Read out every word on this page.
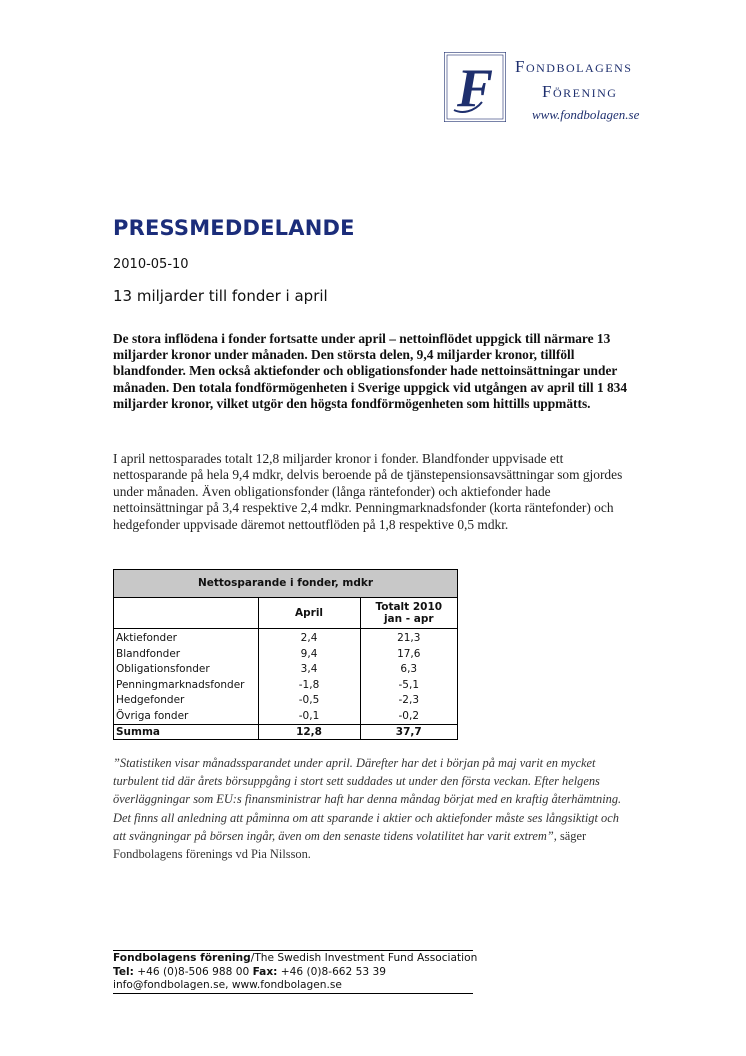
F Fondbolagens
Förening
www.fondbolagen.se
PRESSMEDDELANDE
2010-05-10
13 miljarder till fonder i april
De stora inflödena i fonder fortsatte under april – nettoinflödet uppgick till närmare 13 miljarder kronor under månaden. Den största delen, 9,4 miljarder kronor, tillföll blandfonder. Men också aktiefonder och obligationsfonder hade nettoinsättningar under månaden. Den totala fondförmögenheten i Sverige uppgick vid utgången av april till 1 834 miljarder kronor, vilket utgör den högsta fondförmögenheten som hittills uppmätts.
I april nettosparades totalt 12,8 miljarder kronor i fonder. Blandfonder uppvisade ett nettosparande på hela 9,4 mdkr, delvis beroende på de tjänstepensionsavsättningar som gjordes under månaden. Även obligationsfonder (långa räntefonder) och aktiefonder hade nettoinsättningar på 3,4 respektive 2,4 mdkr. Penningmarknadsfonder (korta räntefonder) och hedgefonder uppvisade däremot nettoutflöden på 1,8 respektive 0,5 mdkr.
Nettosparande i fonder, mdkr		
	April	Totalt 2010
jan - apr
Aktiefonder	2,4	21,3
Blandfonder	9,4	17,6
Obligationsfonder	3,4	6,3
Penningmarknadsfonder	-1,8	-5,1
Hedgefonder	-0,5	-2,3
Övriga fonder	-0,1	-0,2
Summa	12,8	37,7
”Statistiken visar månadssparandet under april. Därefter har det i början på maj varit en mycket turbulent tid där årets börsuppgång i stort sett suddades ut under den första veckan. Efter helgens överläggningar som EU:s finansministrar haft har denna måndag börjat med en kraftig återhämtning. Det finns all anledning att påminna om att sparande i aktier och aktiefonder måste ses långsiktigt och att svängningar på börsen ingår, även om den senaste tidens volatilitet har varit extrem”, säger Fondbolagens förenings vd Pia Nilsson.
Fondbolagens förening/The Swedish Investment Fund Association
Tel: +46 (0)8-506 988 00 Fax: +46 (0)8-662 53 39
info@fondbolagen.se, www.fondbolagen.se
